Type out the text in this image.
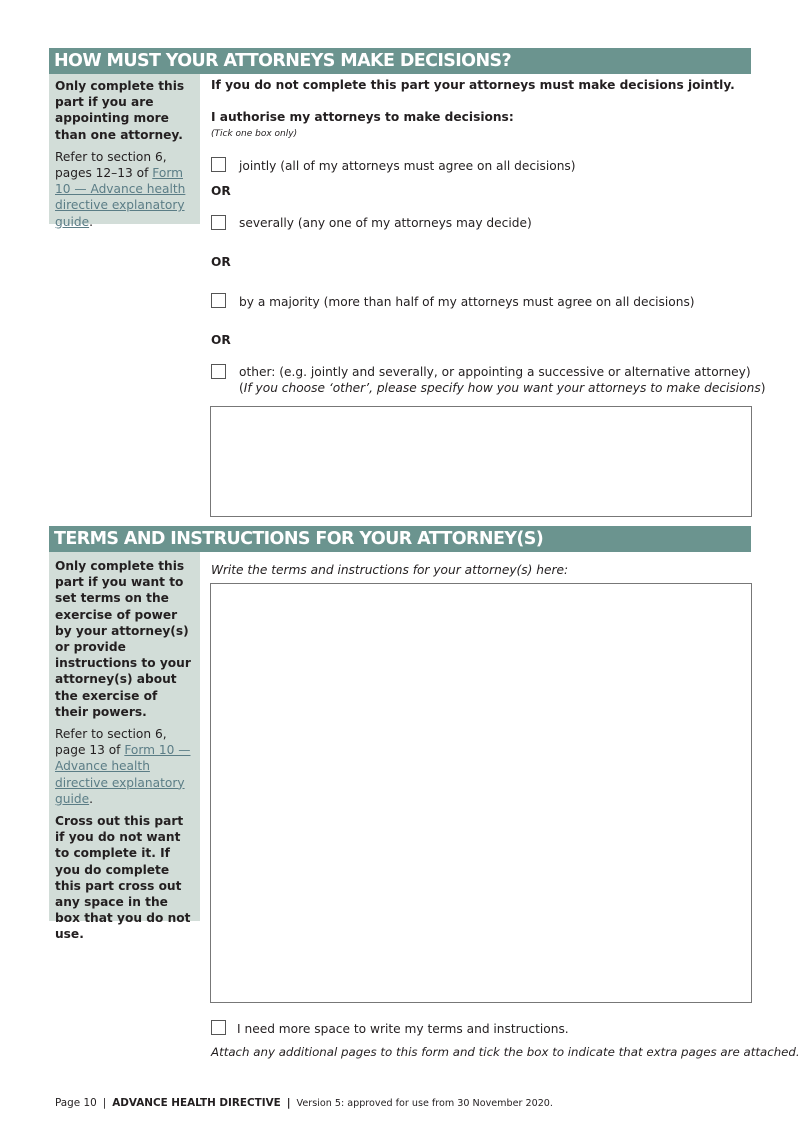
HOW MUST YOUR ATTORNEYS MAKE DECISIONS?

Only complete this part if you are appointing more than one attorney.

Refer to section 6, pages 12–13 of Form 10 — Advance health directive explanatory guide.

If you do not complete this part your attorneys must make decisions jointly.

I authorise my attorneys to make decisions:

(Tick one box only)

jointly (all of my attorneys must agree on all decisions)

OR

severally (any one of my attorneys may decide)

OR

by a majority (more than half of my attorneys must agree on all decisions)

OR

other: (e.g. jointly and severally, or appointing a successive or alternative attorney)

(If you choose ‘other’, please specify how you want your attorneys to make decisions)

TERMS AND INSTRUCTIONS FOR YOUR ATTORNEY(S)

Only complete this part if you want to set terms on the exercise of power by your attorney(s) or provide instructions to your attorney(s) about the exercise of their powers.

Refer to section 6, page 13 of Form 10 — Advance health directive explanatory guide.

Cross out this part if you do not want to complete it. If you do complete this part cross out any space in the box that you do not use.

Write the terms and instructions for your attorney(s) here:

I need more space to write my terms and instructions.

Attach any additional pages to this form and tick the box to indicate that extra pages are attached.

Page 10 | ADVANCE HEALTH DIRECTIVE | Version 5: approved for use from 30 November 2020.
